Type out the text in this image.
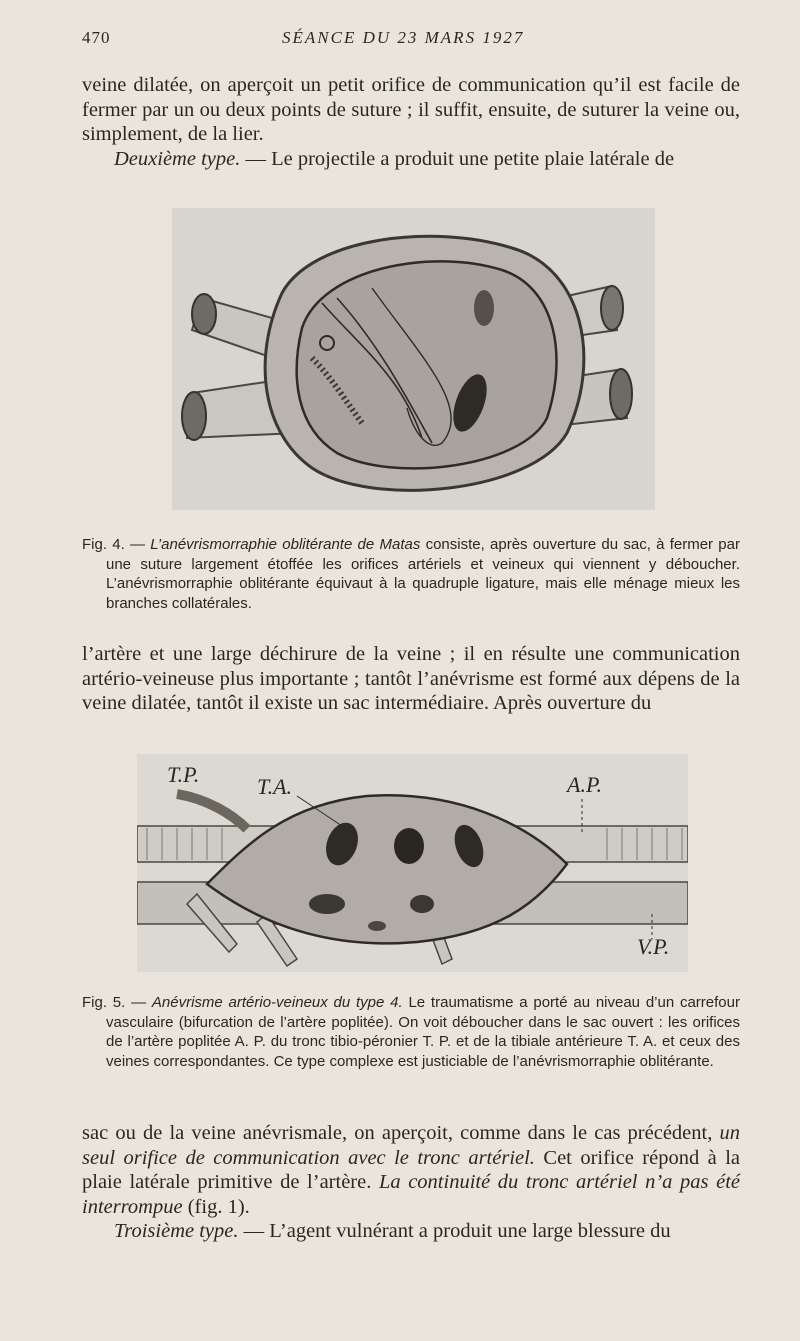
470	SÉANCE DU 23 MARS 1927

veine dilatée, on aperçoit un petit orifice de communication qu’il est facile de fermer par un ou deux points de suture ; il suffit, ensuite, de suturer la veine ou, simplement, de la lier.
Deuxième type. — Le projectile a produit une petite plaie latérale de

Fig. 4. — L’anévrismorraphie oblitérante de Matas consiste, après ouverture du sac, à fermer par une suture largement étoffée les orifices artériels et veineux qui viennent y déboucher. L’anévrismorraphie oblitérante équivaut à la quadruple ligature, mais elle ménage mieux les branches collatérales.

l’artère et une large déchirure de la veine ; il en résulte une communication artério-veineuse plus importante ; tantôt l’anévrisme est formé aux dépens de la veine dilatée, tantôt il existe un sac intermédiaire. Après ouverture du

T.P.	T.A.	A.P.
V.P.

Fig. 5. — Anévrisme artério-veineux du type 4. Le traumatisme a porté au niveau d’un carrefour vasculaire (bifurcation de l’artère poplitée). On voit déboucher dans le sac ouvert : les orifices de l’artère poplitée A. P. du tronc tibio-péronier T. P. et de la tibiale antérieure T. A. et ceux des veines correspondantes. Ce type complexe est justiciable de l’anévrismorraphie oblitérante.

sac ou de la veine anévrismale, on aperçoit, comme dans le cas précédent, un seul orifice de communication avec le tronc artériel. Cet orifice répond à la plaie latérale primitive de l’artère. La continuité du tronc artériel n’a pas été interrompue (fig. 1).
Troisième type. — L’agent vulnérant a produit une large blessure du
